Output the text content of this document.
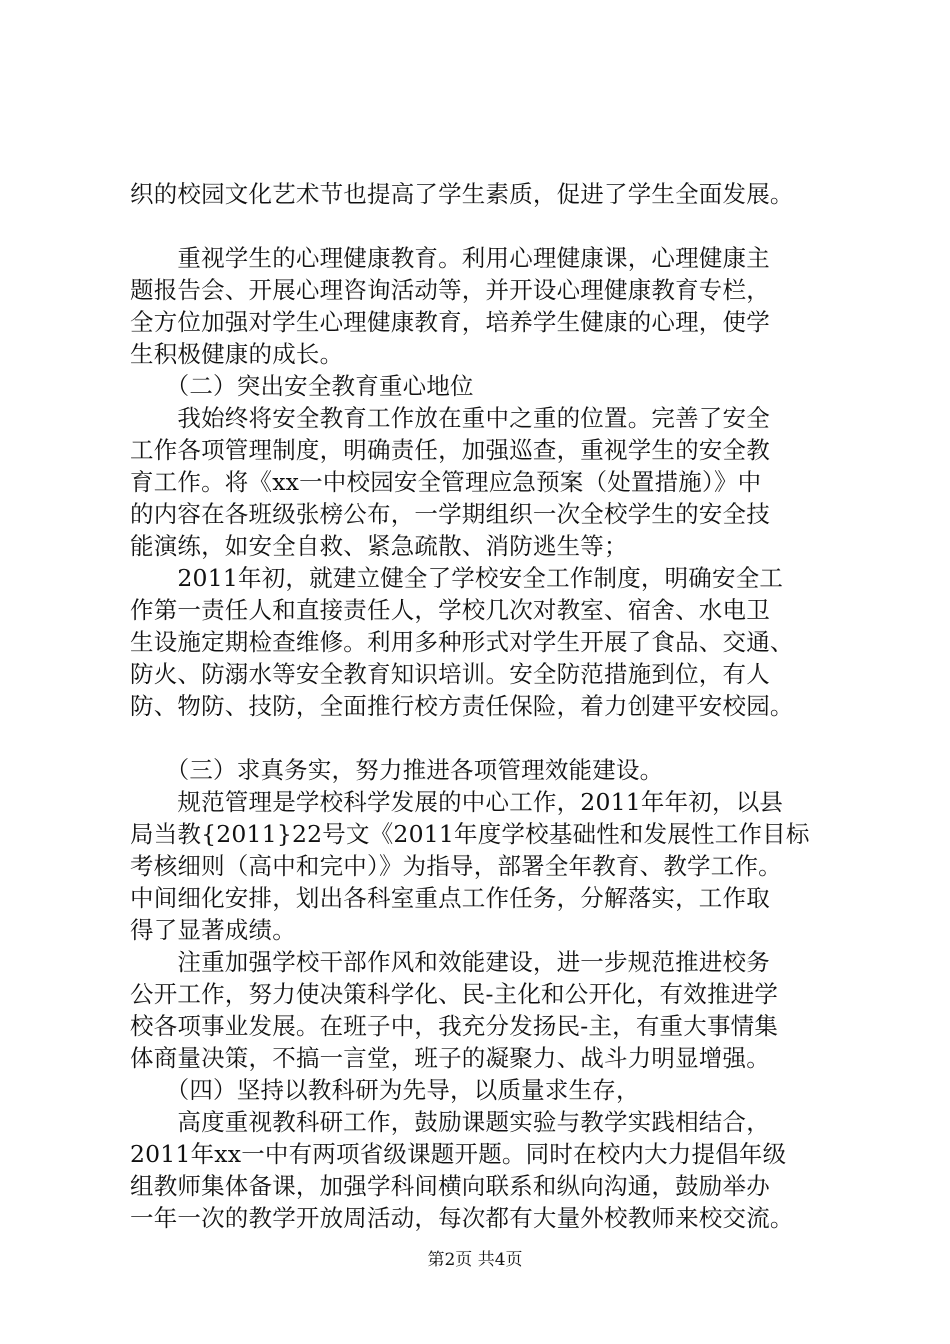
织的校园文化艺术节也提高了学生素质，促进了学生全面发展。
　　重视学生的心理健康教育。利用心理健康课，心理健康主
题报告会、开展心理咨询活动等，并开设心理健康教育专栏，
全方位加强对学生心理健康教育，培养学生健康的心理，使学
生积极健康的成长。
　　（二）突出安全教育重心地位
　　我始终将安全教育工作放在重中之重的位置。完善了安全
工作各项管理制度，明确责任，加强巡查，重视学生的安全教
育工作。将《xx一中校园安全管理应急预案（处置措施）》中
的内容在各班级张榜公布，一学期组织一次全校学生的安全技
能演练，如安全自救、紧急疏散、消防逃生等；
　　2011年初，就建立健全了学校安全工作制度，明确安全工
作第一责任人和直接责任人，学校几次对教室、宿舍、水电卫
生设施定期检查维修。利用多种形式对学生开展了食品、交通、
防火、防溺水等安全教育知识培训。安全防范措施到位，有人
防、物防、技防，全面推行校方责任保险，着力创建平安校园。
　　（三）求真务实，努力推进各项管理效能建设。
　　规范管理是学校科学发展的中心工作，2011年年初，以县
局当教{2011}22号文《2011年度学校基础性和发展性工作目标
考核细则（高中和完中）》为指导，部署全年教育、教学工作。
中间细化安排，划出各科室重点工作任务，分解落实，工作取
得了显著成绩。
　　注重加强学校干部作风和效能建设，进一步规范推进校务
公开工作，努力使决策科学化、民-主化和公开化，有效推进学
校各项事业发展。在班子中，我充分发扬民-主，有重大事情集
体商量决策，不搞一言堂，班子的凝聚力、战斗力明显增强。
　　（四）坚持以教科研为先导，以质量求生存，
　　高度重视教科研工作，鼓励课题实验与教学实践相结合，
2011年xx一中有两项省级课题开题。同时在校内大力提倡年级
组教师集体备课，加强学科间横向联系和纵向沟通，鼓励举办
一年一次的教学开放周活动，每次都有大量外校教师来校交流。
第2页 共4页
